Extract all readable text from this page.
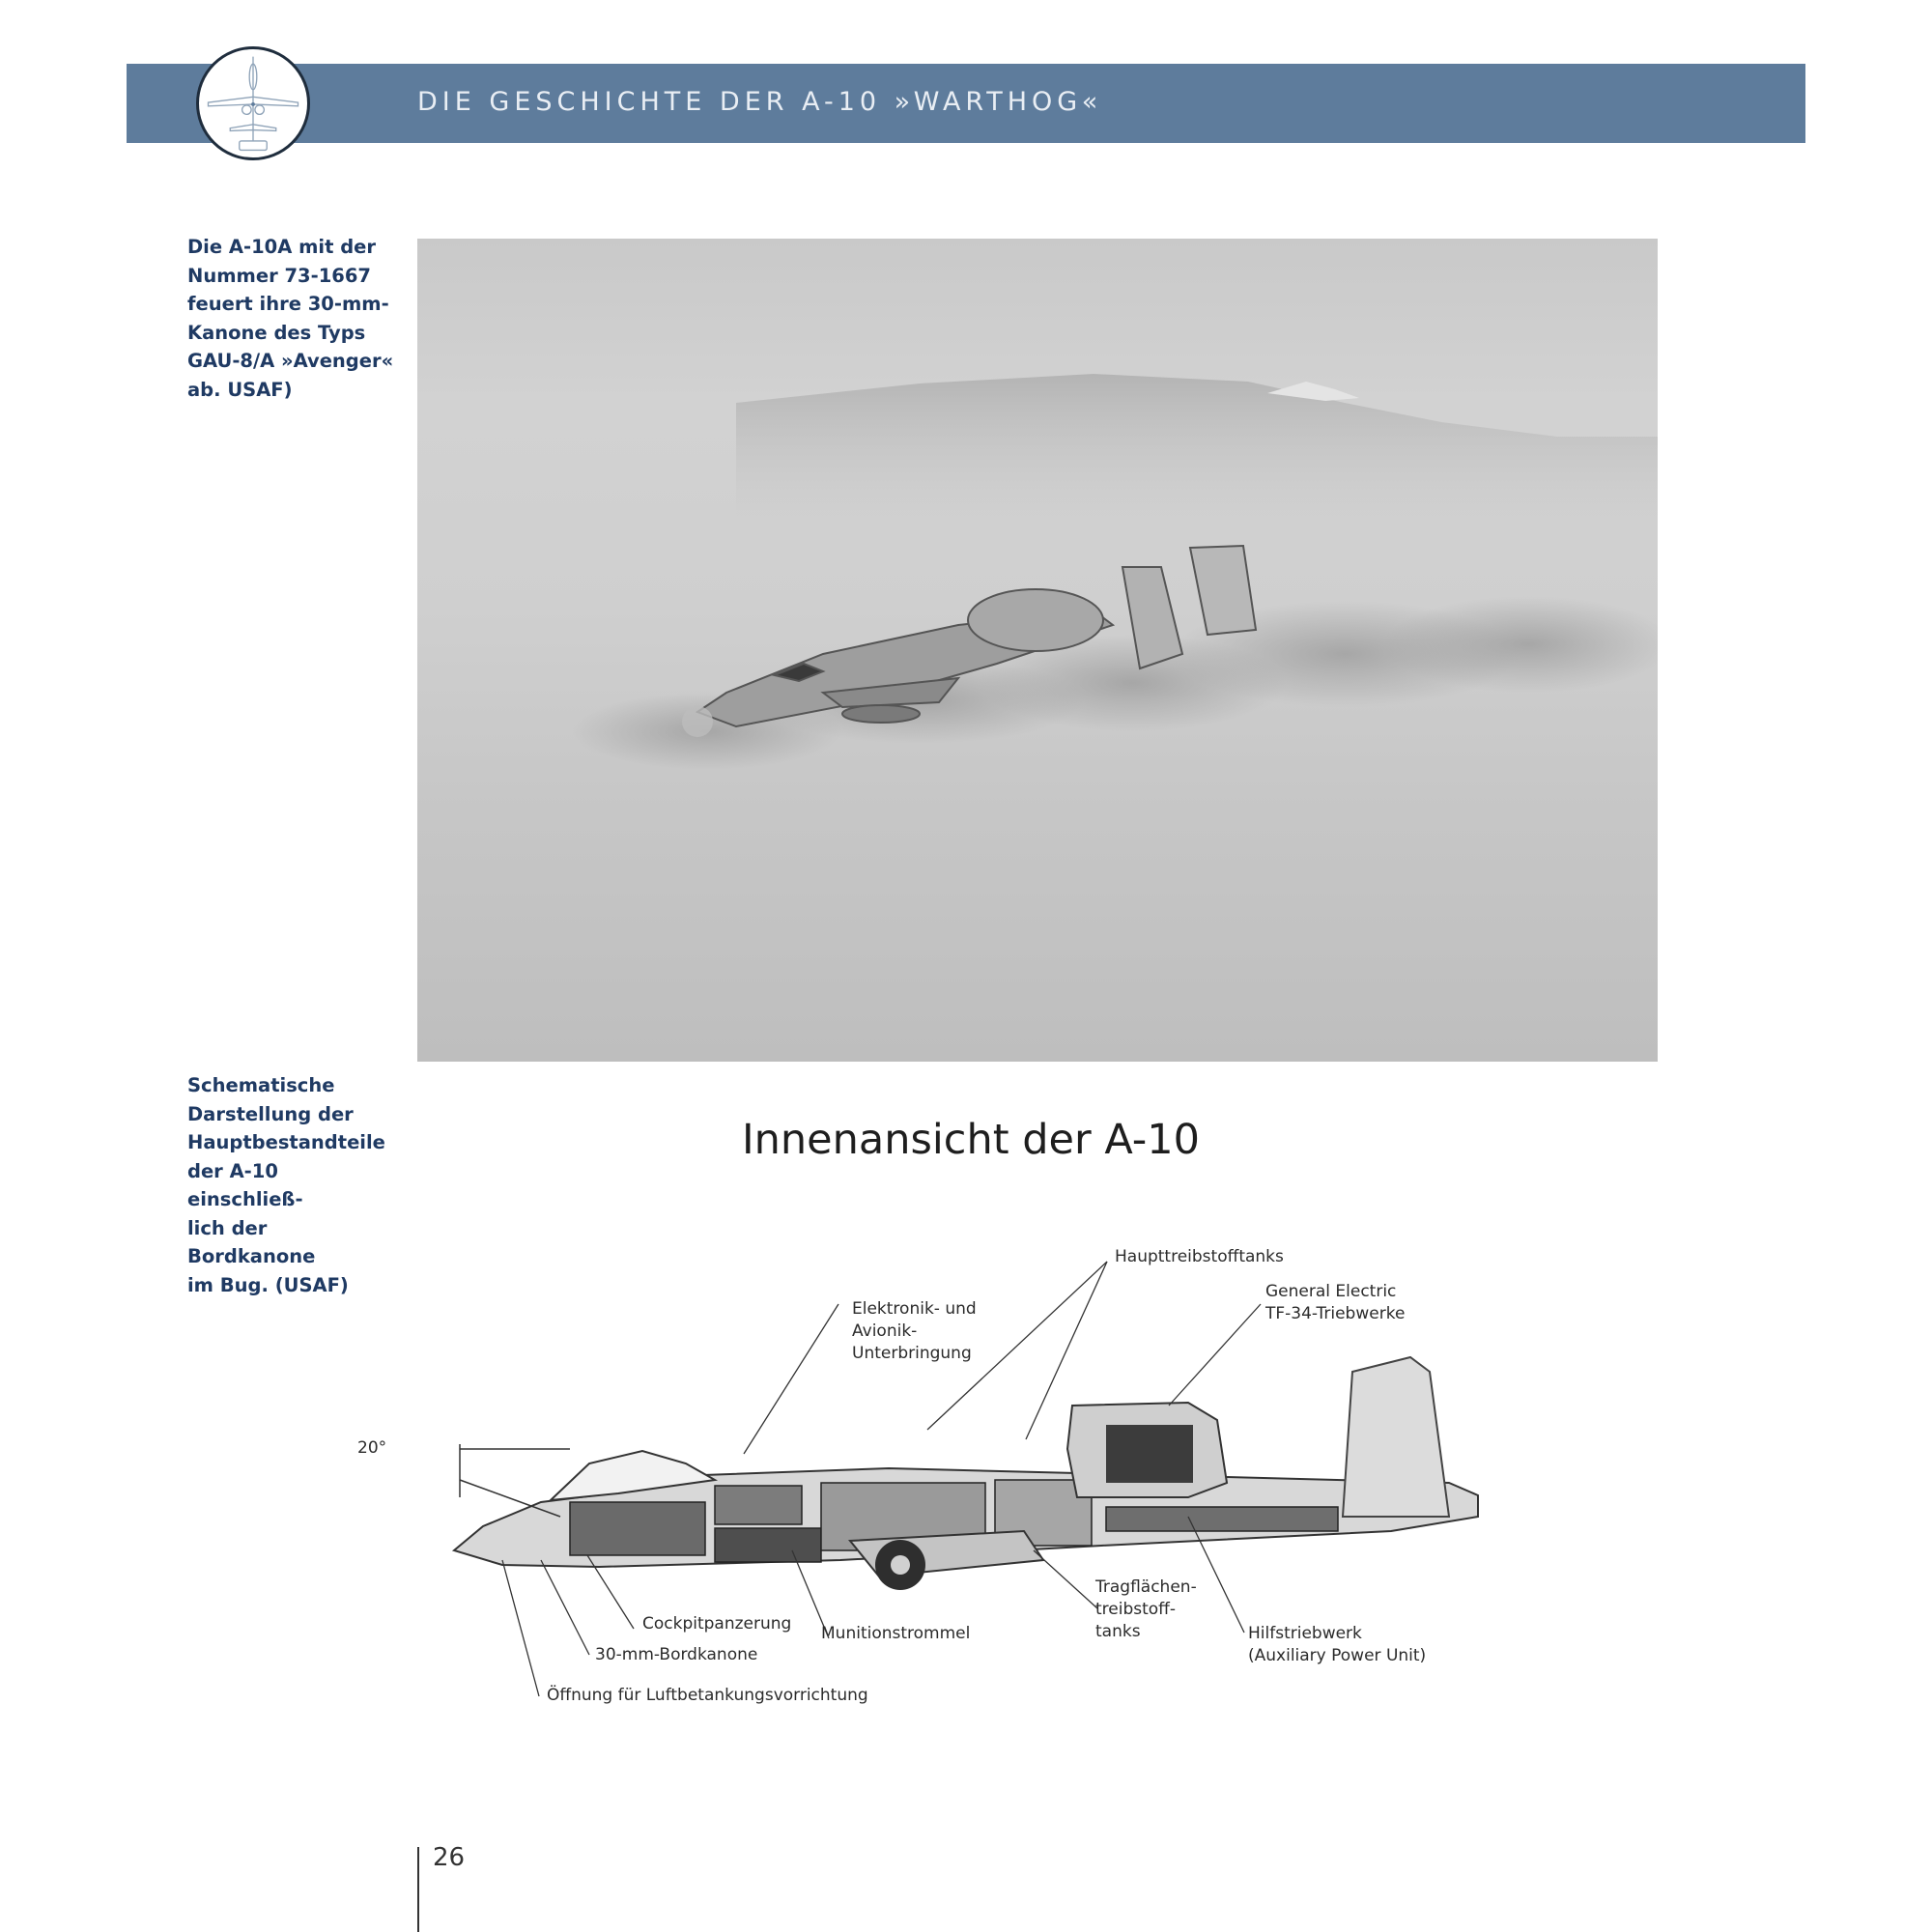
DIE GESCHICHTE DER A-10 »WARTHOG«
Die A-10A mit der
Nummer 73-1667
feuert ihre 30-mm-
Kanone des Typs
GAU-8/A »Avenger«
ab. USAF)
Schematische
Darstellung der
Hauptbestandteile
der A-10 einschließ-
lich der Bordkanone
im Bug. (USAF)
Innenansicht der A-10
20°
Haupttreibstofftanks
General Electric
TF-34-Triebwerke
Elektronik- und
Avionik-
Unterbringung
Cockpitpanzerung
30-mm-Bordkanone
Öffnung für Luftbetankungsvorrichtung
Munitionstrommel
Tragflächen-
treibstoff-
tanks	Hilfstriebwerk
(Auxiliary Power Unit)
26
